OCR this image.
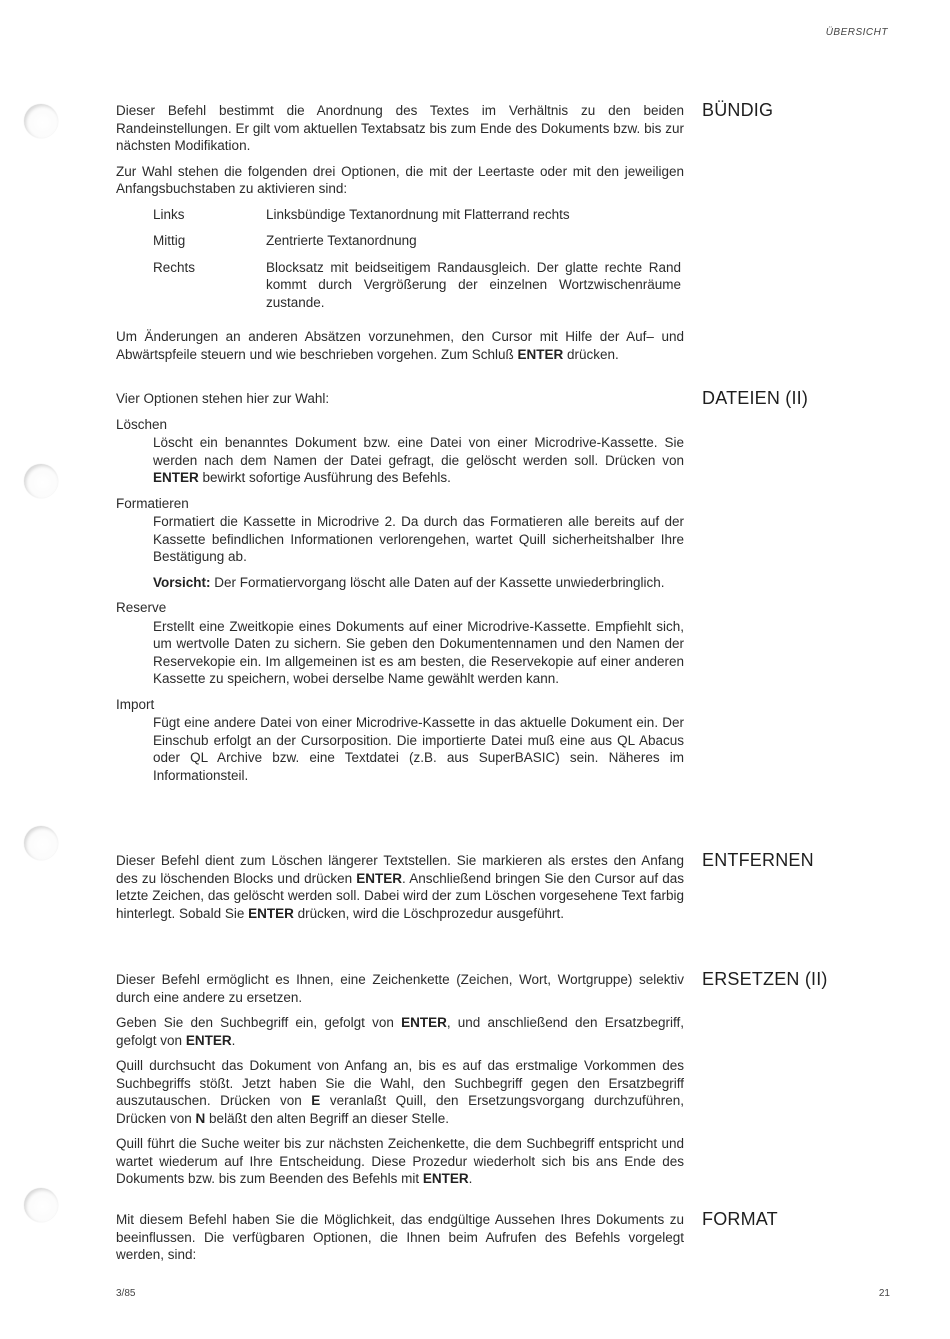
ÜBERSICHT
BÜNDIG

Dieser Befehl bestimmt die Anordnung des Textes im Verhältnis zu den beiden Randeinstellungen. Er gilt vom aktuellen Textabsatz bis zum Ende des Dokuments bzw. bis zur nächsten Modifikation.

Zur Wahl stehen die folgenden drei Optionen, die mit der Leertaste oder mit den jeweiligen Anfangsbuchstaben zu aktivieren sind:

Links	Linksbündige Textanordnung mit Flatterrand rechts
Mittig	Zentrierte Textanordnung
Rechts	Blocksatz mit beidseitigem Randausgleich. Der glatte rechte Rand kommt durch Vergrößerung der einzelnen Wortzwischenräume zustande.

Um Änderungen an anderen Absätzen vorzunehmen, den Cursor mit Hilfe der Auf– und Abwärtspfeile steuern und wie beschrieben vorgehen. Zum Schluß ENTER drücken.

DATEIEN (II)

Vier Optionen stehen hier zur Wahl:

Löschen

Löscht ein benanntes Dokument bzw. eine Datei von einer Microdrive-Kassette. Sie werden nach dem Namen der Datei gefragt, die gelöscht werden soll. Drücken von ENTER bewirkt sofortige Ausführung des Befehls.

Formatieren

Formatiert die Kassette in Microdrive 2. Da durch das Formatieren alle bereits auf der Kassette befindlichen Informationen verlorengehen, wartet Quill sicherheitshalber Ihre Bestätigung ab.

Vorsicht: Der Formatiervorgang löscht alle Daten auf der Kassette unwiederbringlich.

Reserve

Erstellt eine Zweitkopie eines Dokuments auf einer Microdrive-Kassette. Empfiehlt sich, um wertvolle Daten zu sichern. Sie geben den Dokumentennamen und den Namen der Reservekopie ein. Im allgemeinen ist es am besten, die Reservekopie auf einer anderen Kassette zu speichern, wobei derselbe Name gewählt werden kann.

Import

Fügt eine andere Datei von einer Microdrive-Kassette in das aktuelle Dokument ein. Der Einschub erfolgt an der Cursorposition. Die importierte Datei muß eine aus QL Abacus oder QL Archive bzw. eine Textdatei (z.B. aus SuperBASIC) sein. Näheres im Informationsteil.

ENTFERNEN

Dieser Befehl dient zum Löschen längerer Textstellen. Sie markieren als erstes den Anfang des zu löschenden Blocks und drücken ENTER. Anschließend bringen Sie den Cursor auf das letzte Zeichen, das gelöscht werden soll. Dabei wird der zum Löschen vorgesehene Text farbig hinterlegt. Sobald Sie ENTER drücken, wird die Löschprozedur ausgeführt.

ERSETZEN (II)

Dieser Befehl ermöglicht es Ihnen, eine Zeichenkette (Zeichen, Wort, Wortgruppe) selektiv durch eine andere zu ersetzen.

Geben Sie den Suchbegriff ein, gefolgt von ENTER, und anschließend den Ersatzbegriff, gefolgt von ENTER.

Quill durchsucht das Dokument von Anfang an, bis es auf das erstmalige Vorkommen des Suchbegriffs stößt. Jetzt haben Sie die Wahl, den Suchbegriff gegen den Ersatzbegriff auszutauschen. Drücken von E veranlaßt Quill, den Ersetzungsvorgang durchzuführen, Drücken von N beläßt den alten Begriff an dieser Stelle.

Quill führt die Suche weiter bis zur nächsten Zeichenkette, die dem Suchbegriff entspricht und wartet wiederum auf Ihre Entscheidung. Diese Prozedur wiederholt sich bis ans Ende des Dokuments bzw. bis zum Beenden des Befehls mit ENTER.

FORMAT

Mit diesem Befehl haben Sie die Möglichkeit, das endgültige Aussehen Ihres Dokuments zu beeinflussen. Die verfügbaren Optionen, die Ihnen beim Aufrufen des Befehls vorgelegt werden, sind:

3/85	21
